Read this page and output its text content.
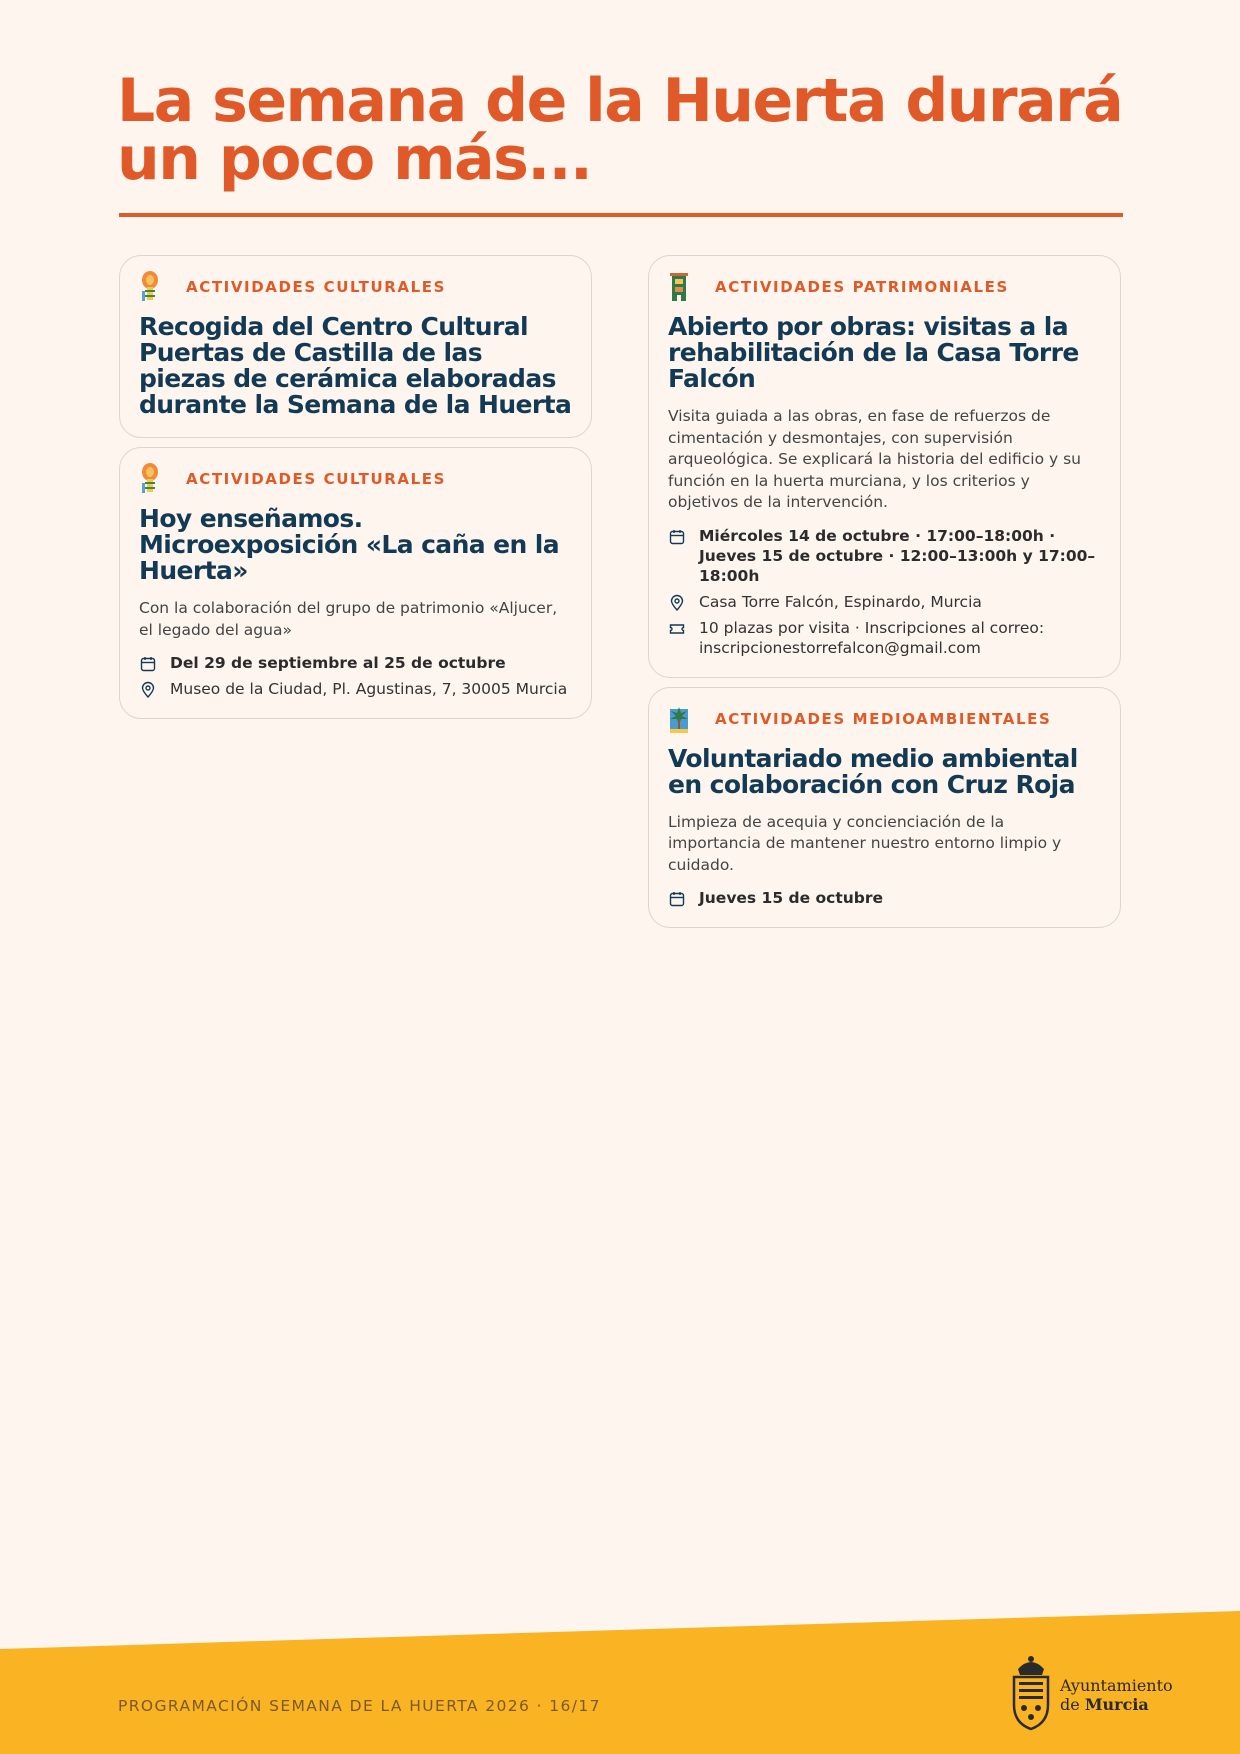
La semana de la Huerta durará
un poco más...
ACTIVIDADES CULTURALES
Recogida del Centro Cultural Puertas de Castilla de las piezas de cerámica elaboradas durante la Semana de la Huerta
ACTIVIDADES CULTURALES
Hoy enseñamos. Microexposición «La caña en la Huerta»

Con la colaboración del grupo de patrimonio «Aljucer, el legado del agua»

Del 29 de septiembre al 25 de octubre
Museo de la Ciudad, Pl. Agustinas, 7, 30005 Murcia
ACTIVIDADES PATRIMONIALES
Abierto por obras: visitas a la rehabilitación de la Casa Torre Falcón

Visita guiada a las obras, en fase de refuerzos de cimentación y desmontajes, con supervisión arqueológica. Se explicará la historia del edificio y su función en la huerta murciana, y los criterios y objetivos de la intervención.

Miércoles 14 de octubre · 17:00–18:00h · Jueves 15 de octubre · 12:00–13:00h y 17:00–18:00h
Casa Torre Falcón, Espinardo, Murcia
10 plazas por visita · Inscripciones al correo: inscripcionestorrefalcon@gmail.com
ACTIVIDADES MEDIOAMBIENTALES
Voluntariado medio ambiental en colaboración con Cruz Roja

Limpieza de acequia y concienciación de la importancia de mantener nuestro entorno limpio y cuidado.

Jueves 15 de octubre
PROGRAMACIÓN SEMANA DE LA HUERTA 2026 · 16/17
Ayuntamiento
de Murcia
